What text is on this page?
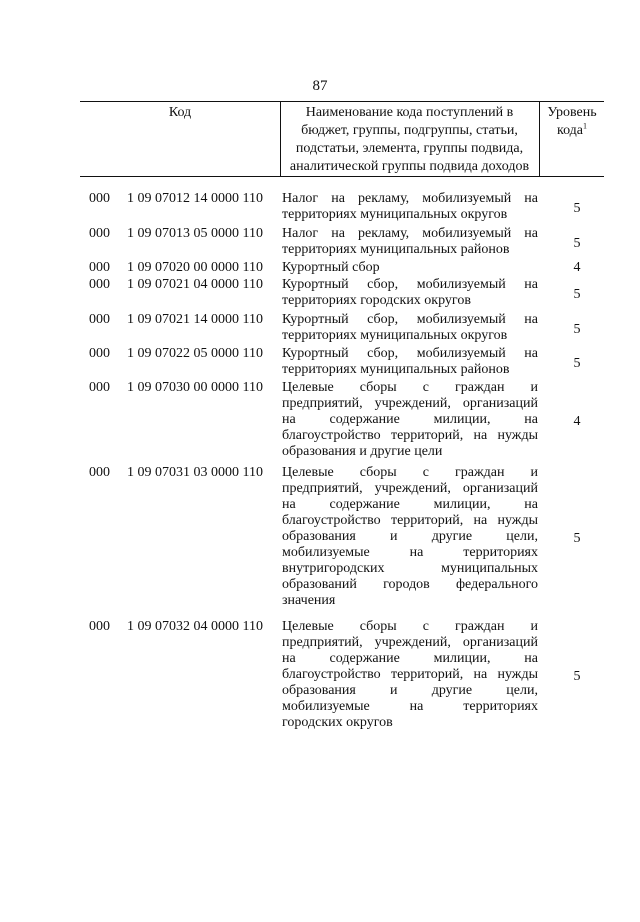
87
Код	Наименование кода поступлений в
бюджет, группы, подгруппы, статьи,
подстатьи, элемента, группы подвида,
аналитической группы подвида доходов
Уровень
кода$^1$
000	1 09 07012 14 0000 110	Налог на рекламу, мобилизуемый на
территориях муниципальных округов	5
000	1 09 07013 05 0000 110	Налог на рекламу, мобилизуемый на
территориях муниципальных районов	5
000	1 09 07020 00 0000 110	Курортный сбор	4
000	1 09 07021 04 0000 110	Курортный сбор, мобилизуемый на
территориях городских округов	5
000	1 09 07021 14 0000 110	Курортный сбор, мобилизуемый на
территориях муниципальных округов	5
000	1 09 07022 05 0000 110	Курортный сбор, мобилизуемый на
территориях муниципальных районов	5
000	1 09 07030 00 0000 110	Целевые сборы с граждан и
предприятий, учреждений, организаций
на содержание милиции, на
благоустройство территорий, на нужды
образования и другие цели
4
000	1 09 07031 03 0000 110	Целевые сборы с граждан и
предприятий, учреждений, организаций
на содержание милиции, на
благоустройство территорий, на нужды
образования и другие цели,
мобилизуемые на территориях
внутригородских муниципальных
образований городов федерального
значения
5
000	1 09 07032 04 0000 110	Целевые сборы с граждан и
предприятий, учреждений, организаций
на содержание милиции, на
благоустройство территорий, на нужды
образования и другие цели,
мобилизуемые на территориях
городских округов
5
